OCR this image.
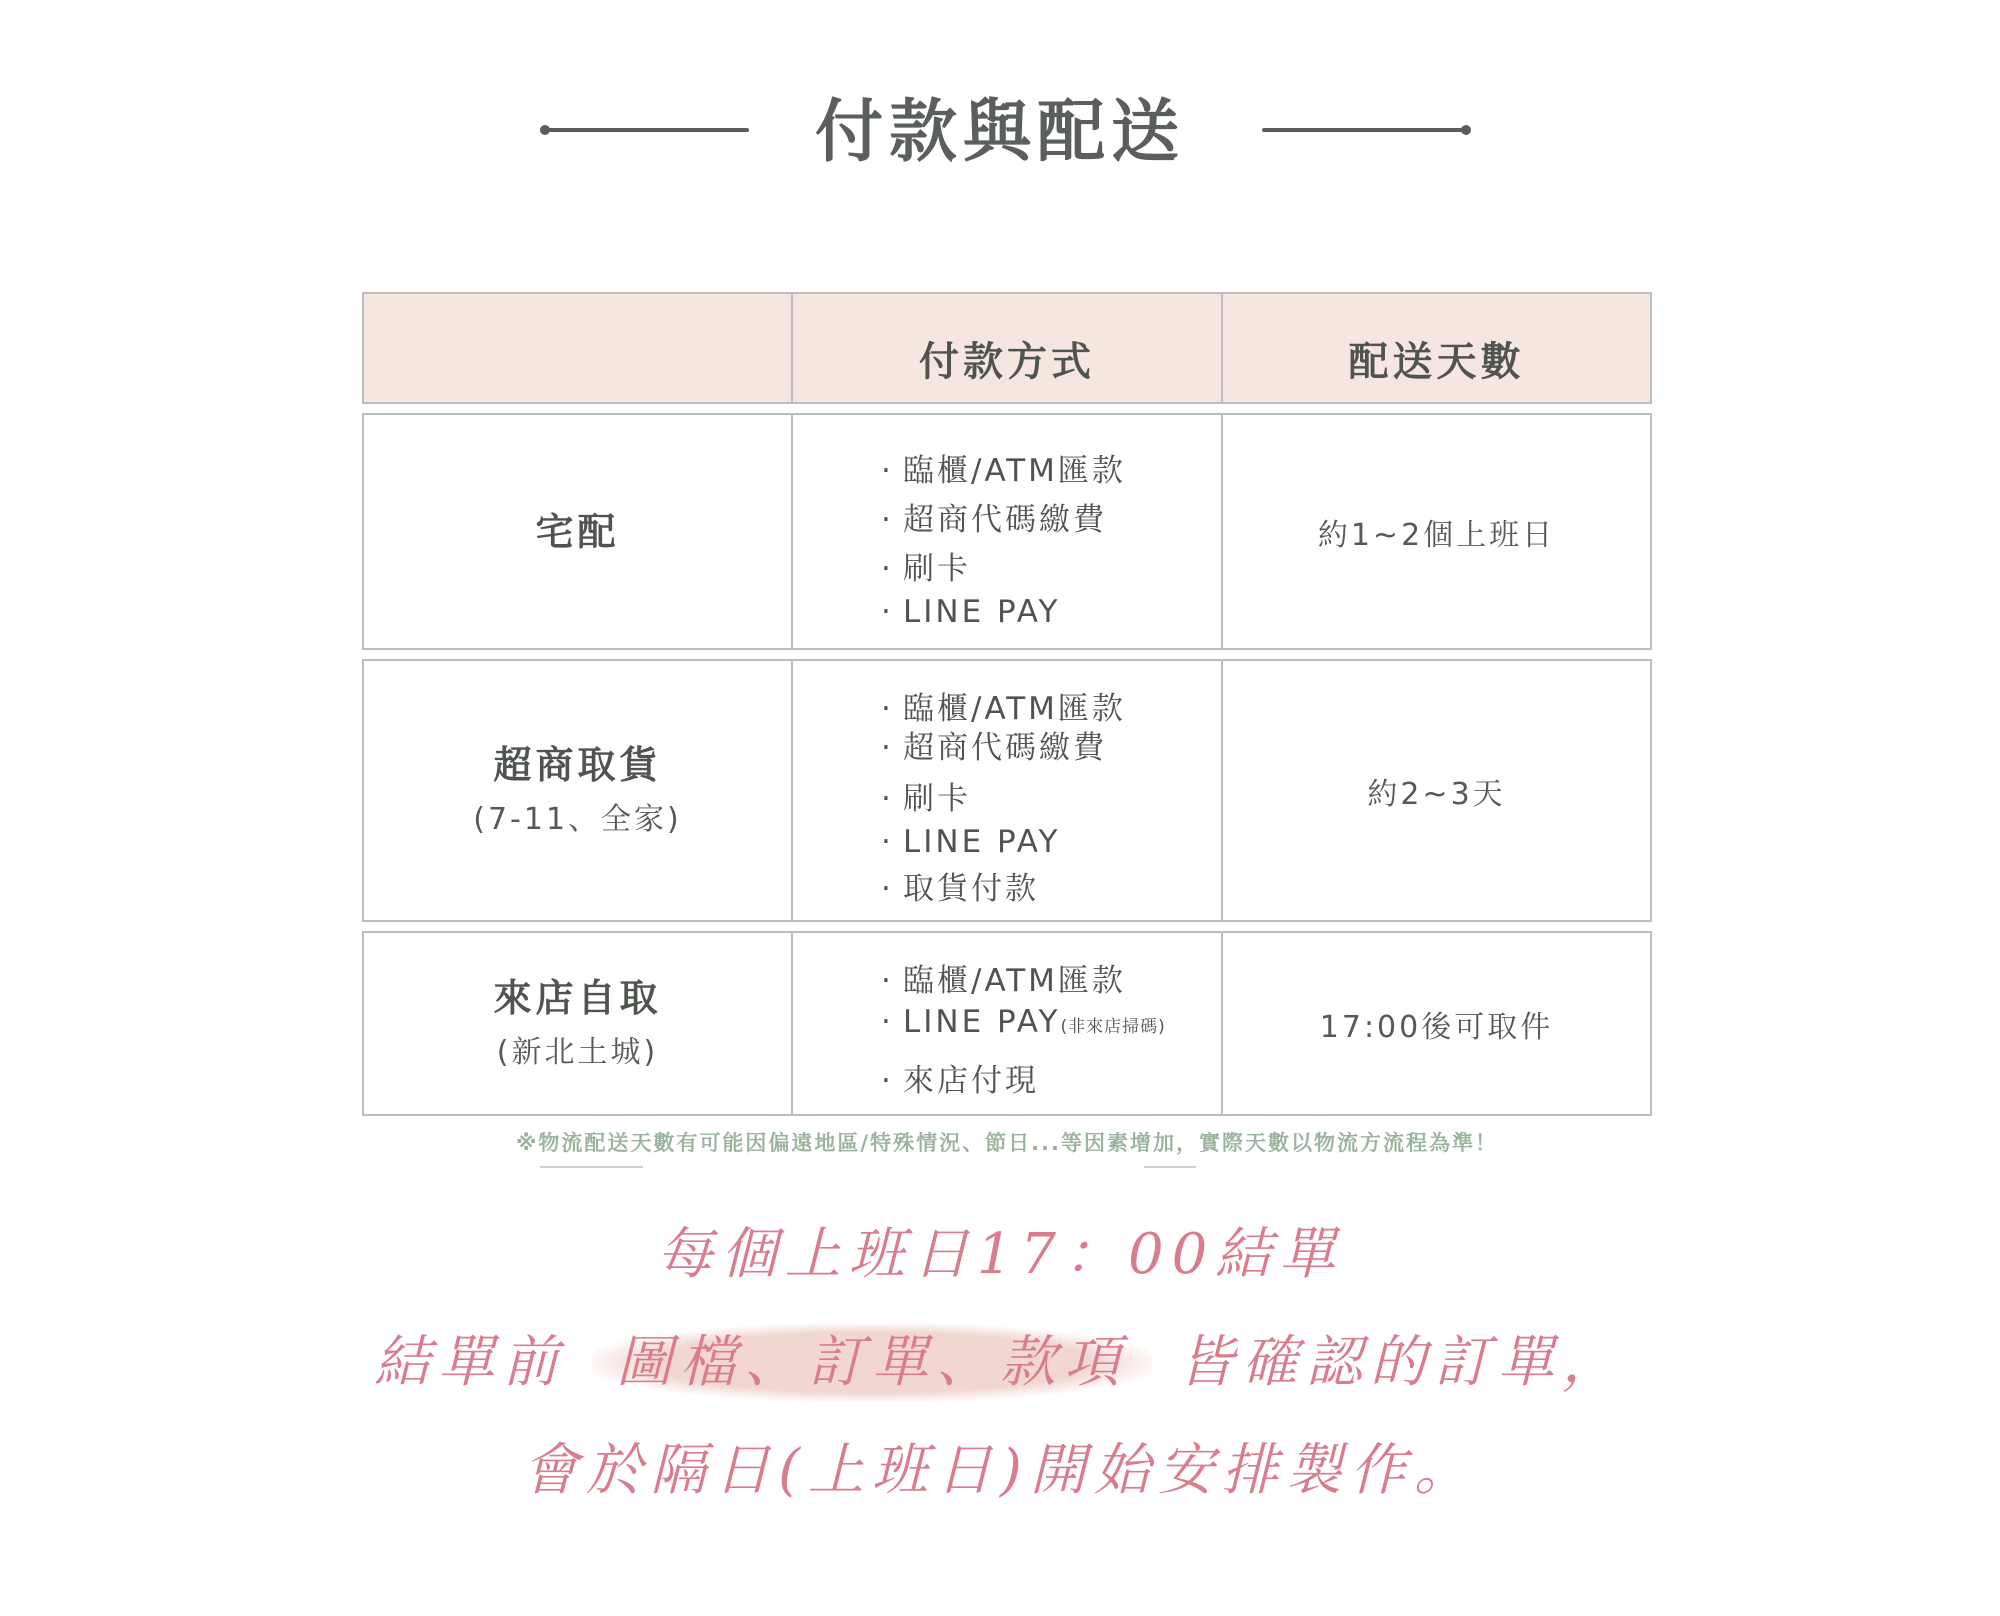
付款與配送
付款方式	配送天數
宅配
· 臨櫃/ATM匯款
· 超商代碼繳費
· 刷卡
· LINE PAY
約1~2個上班日
超商取貨
(7-11、全家)
· 臨櫃/ATM匯款
· 超商代碼繳費
· 刷卡
· LINE PAY
· 取貨付款
約2~3天
來店自取
(新北土城)
· 臨櫃/ATM匯款
· LINE PAY(非來店掃碼)
· 來店付現
17:00後可取件
※物流配送天數有可能因偏遠地區/特殊情況、節日...等因素增加，實際天數以物流方流程為準！
每個上班日17：00結單
結單前 圖檔、訂單、款項 皆確認的訂單，
會於隔日(上班日)開始安排製作。
